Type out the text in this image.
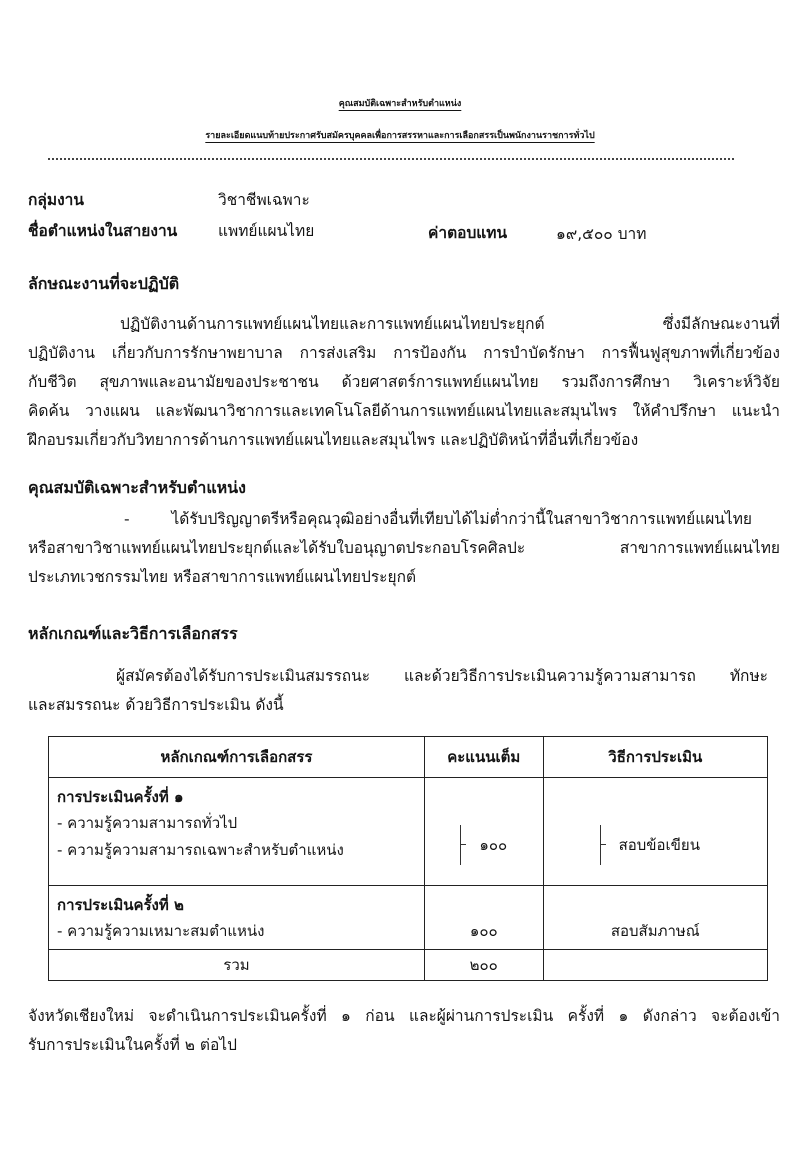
คุณสมบัติเฉพาะสำหรับตำแหน่ง
รายละเอียดแนบท้ายประกาศรับสมัครบุคคลเพื่อการสรรหาและการเลือกสรรเป็นพนักงานราชการทั่วไป
กลุ่มงาน	วิชาชีพเฉพาะ
ชื่อตำแหน่งในสายงาน	แพทย์แผนไทย	ค่าตอบแทน	๑๙,๕๐๐ บาท
ลักษณะงานที่จะปฏิบัติ
ปฏิบัติงานด้านการแพทย์แผนไทยและการแพทย์แผนไทยประยุกต์ ซึ่งมีลักษณะงานที่
ปฏิบัติงาน เกี่ยวกับการรักษาพยาบาล การส่งเสริม การป้องกัน การบำบัดรักษา การฟื้นฟูสุขภาพที่เกี่ยวข้อง
กับชีวิต สุขภาพและอนามัยของประชาชน ด้วยศาสตร์การแพทย์แผนไทย รวมถึงการศึกษา วิเคราะห์วิจัย
คิดค้น วางแผน และพัฒนาวิชาการและเทคโนโลยีด้านการแพทย์แผนไทยและสมุนไพร ให้คำปรึกษา แนะนำ
ฝึกอบรมเกี่ยวกับวิทยาการด้านการแพทย์แผนไทยและสมุนไพร และปฏิบัติหน้าที่อื่นที่เกี่ยวข้อง
คุณสมบัติเฉพาะสำหรับตำแหน่ง
- ได้รับปริญญาตรีหรือคุณวุฒิอย่างอื่นที่เทียบได้ไม่ต่ำกว่านี้ในสาขาวิชาการแพทย์แผนไทย
หรือสาขาวิชาแพทย์แผนไทยประยุกต์และได้รับใบอนุญาตประกอบโรคศิลปะ สาขาการแพทย์แผนไทย
ประเภทเวชกรรมไทย หรือสาขาการแพทย์แผนไทยประยุกต์
หลักเกณฑ์และวิธีการเลือกสรร
ผู้สมัครต้องได้รับการประเมินสมรรถนะ และด้วยวิธีการประเมินความรู้ความสามารถ ทักษะ
และสมรรถนะ ด้วยวิธีการประเมิน ดังนี้
หลักเกณฑ์การเลือกสรร	คะแนนเต็ม	วิธีการประเมิน

การประเมินครั้งที่ ๑
- ความรู้ความสามารถทั่วไป
- ความรู้ความสามารถเฉพาะสำหรับตำแหน่ง	๑๐๐	สอบข้อเขียน

การประเมินครั้งที่ ๒
- ความรู้ความเหมาะสมตำแหน่ง	๑๐๐	สอบสัมภาษณ์
รวม	๒๐๐	
จังหวัดเชียงใหม่ จะดำเนินการประเมินครั้งที่ ๑ ก่อน และผู้ผ่านการประเมิน ครั้งที่ ๑ ดังกล่าว จะต้องเข้า
รับการประเมินในครั้งที่ ๒ ต่อไป
